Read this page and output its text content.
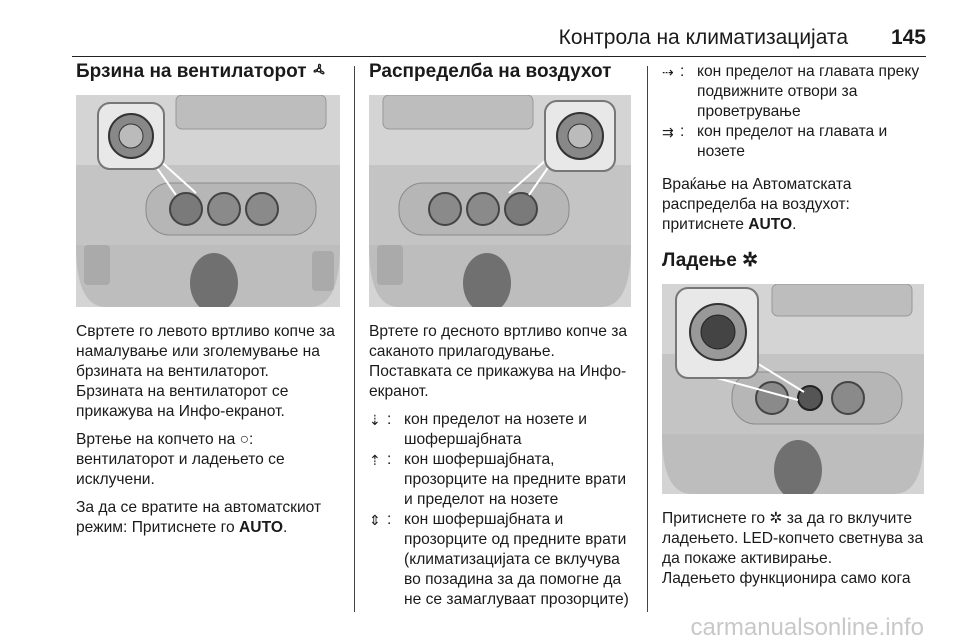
Контрола на климатизацијата 145
Брзина на вентилаторот

Свртете го левото вртливо копче за намалување или зголемување на брзината на вентилаторот.

Брзината на вентилаторот се прикажува на Инфо-екранот.

Вртење на копчето на ○:

вентилаторот и ладењето се исклучени.

За да се вратите на автоматскиот режим: Притиснете го AUTO.

Распределба на воздухот

Вртете го десното вртливо копче за саканото прилагодување.

Поставката се прикажува на Инфо-екранот.

⇣ : кон пределот на нозете и шофершајбната
⇡ : кон шофершајбната, прозорците на предните врати и пределот на нозете
⇕ : кон шофершајбната и прозорците од предните врати (климатизацијата се вклучува во позадина за да помогне да не се замаглуваат прозорците)
⇢ : кон пределот на главата преку подвижните отвори за проветрување
⇉ : кон пределот на главата и нозете

Враќање на Автоматската распределба на воздухот: притиснете AUTO.

Ладење ✲

Притиснете го ✲ за да го вклучите ладењето. LED-копчето светнува за да покаже активирање.

Ладењето функционира само кога

carmanualsonline.info
